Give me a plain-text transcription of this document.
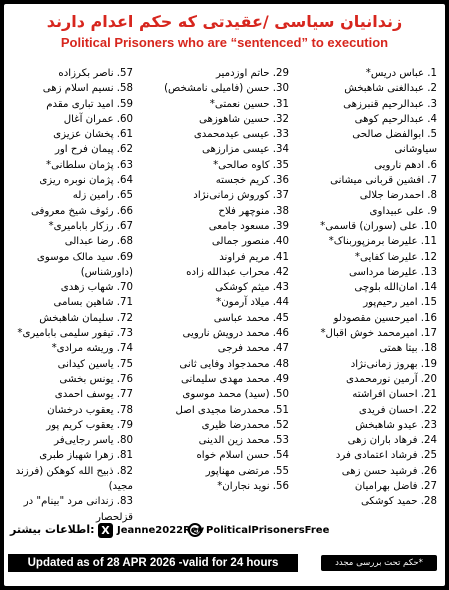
زندانیان سیاسی /عقیدتی که حکم اعدام دارند
Political Prisoners who are “sentenced” to execution
1. عباس دریس*
2. عبدالغنی شاهبخش
3. عبدالرحیم قنبرزهی
4. عبدالرحیم کوهی
5. ابوالفضل صالحی
سیاوشانی
6. ادهم نارویی
7. افشین قربانی میشانی
8. احمدرضا جلالی
9. علی عبیداوی
10. علی (سوران) قاسمی*
11. علیرضا برمزپوربناک*
12. علیرضا کفایی*
13. علیرضا مرداسی
14. امان‌الله بلوچی
15. امیر رحیم‌پور
16. امیرحسین مقصودلو
17. امیرمحمد خوش اقبال*
18. بیتا همتی
19. بهروز زمانی‌نژاد
20. آرمین نورمحمدی
21. احسان افراشته
22. احسان فریدی
23. عیدو شاهبخش
24. فرهاد باران زهی
25. فرشاد اعتمادی فرد
26. فرشید حسن زهی
27. فاضل بهرامیان
28. حمید کوشکی
29. حاتم اوزدمیر
30. حسن (فامیلی نامشخص)
31. حسین نعمتی*
32. حسین شاهوزهی
33. عیسی عیدمحمدی
34. عیسی مزارزهی
35. کاوه صالحی*
36. کریم خجسته
37. کوروش زمانی‌نژاد
38. منوچهر فلاح
39. مسعود جامعی
40. منصور جمالی
41. مریم فراوند
42. محراب عبدالله زاده
43. میثم کوشکی
44. میلاد آرمون*
45. محمد عباسی
46. محمد درویش نارویی
47. محمد فرجی
48. محمدجواد وفایی ثانی
49. محمد مهدی سلیمانی
50. (سید) محمد موسوی
51. محمدرضا مجیدی اصل
52. محمدرضا ظیری
53. محمد زین الدینی
54. حسن اسلام خواه
55. مرتضی مهناپور
56. نوید نجاران*
57. ناصر بکرزاده
58. نسیم اسلام زهی
59. امید تباری مقدم
60. عمران آغال
61. پخشان عزیزی
62. پیمان فرح اور
63. پژمان سلطانی*
64. پژمان نوبره ریزی
65. رامین زله
66. رئوف شیخ معروفی
67. رزکار باباميری*
68. رضا عبدالی
69. سید مالک موسوی
(داورشناس)
70. شهاب زهدی
71. شاهین بسامی
72. سلیمان شاهبخش
73. تیفور سلیمی باباميری*
74. وریشه مرادی*
75. یاسین کیدانی
76. یونس بخشی
77. یوسف احمدی
78. یعقوب درخشان
79. یعقوب کریم پور
80. یاسر رجایی‌فر
81. زهرا شهباز طبری
82. ذبیح الله کوهکن (فرزند مجید)
83. زندانی مرد "بینام" در قزلحصار
PoliticalPrisonersFree
X Jeanne2022Rev
:اطلاعات بیشتر
Updated as of 28 APR 2026 -valid for 24 hours	*حکم تحت بررسی مجدد
